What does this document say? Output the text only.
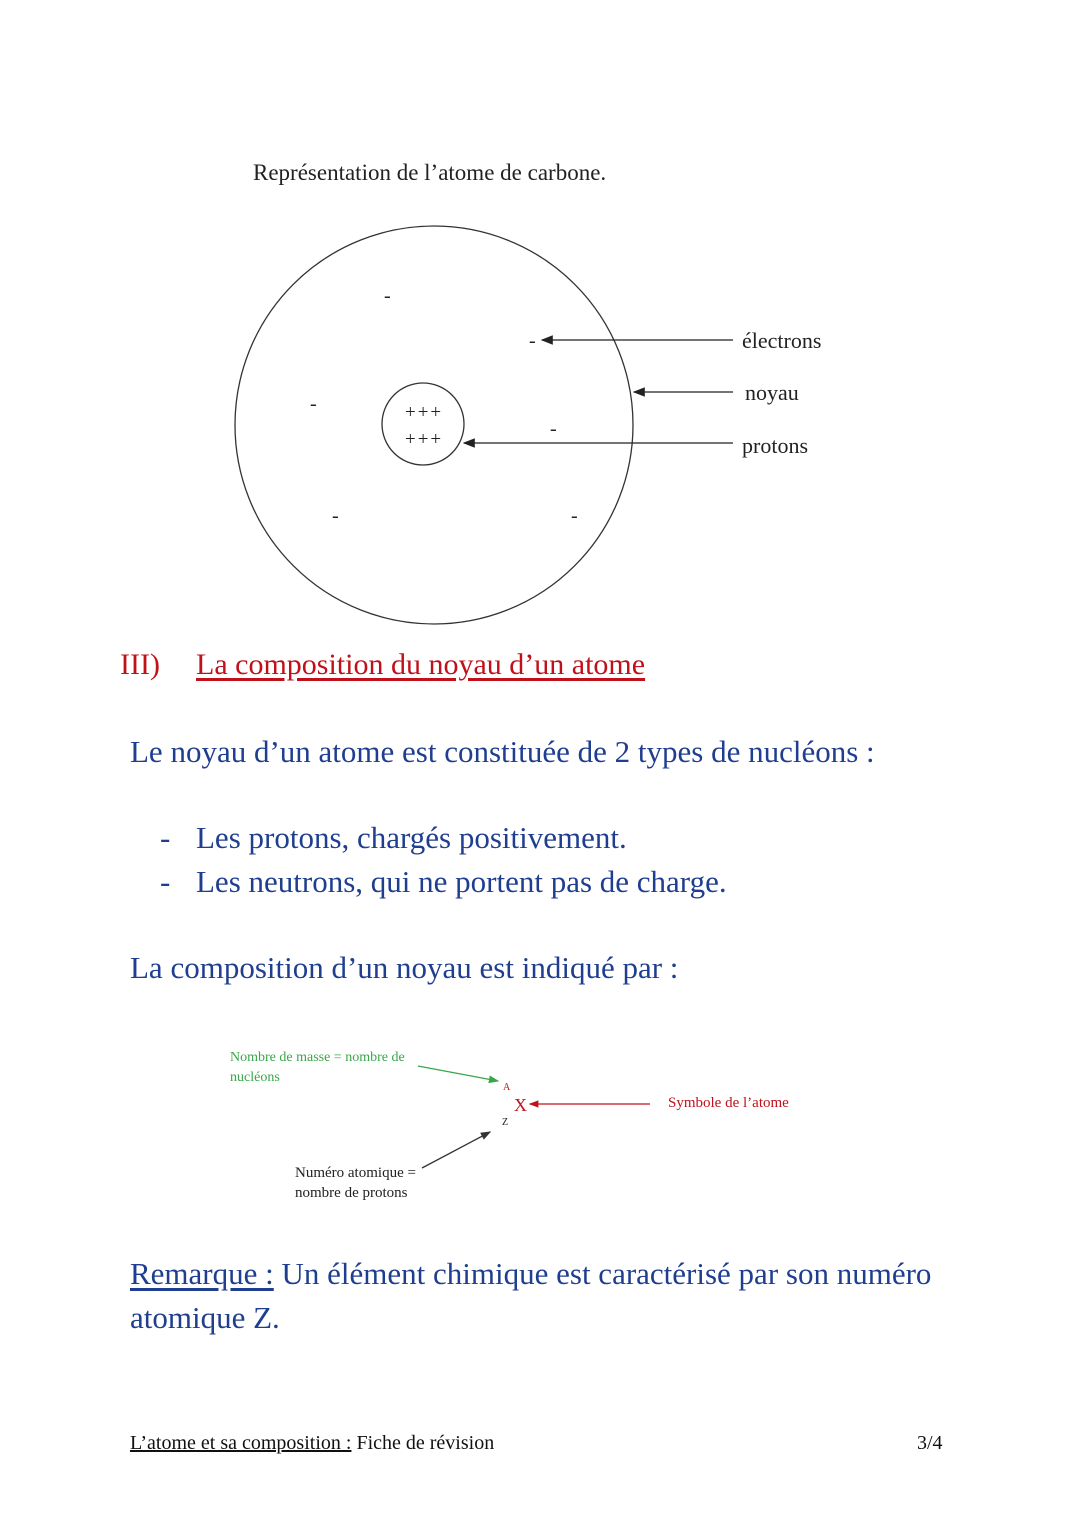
Représentation de l’atome de carbone.
+++
+++
-
-
-
-
-	-
électrons
noyau
protons
III) La composition du noyau d’un atome
Le noyau d’un atome est constituée de 2 types de nucléons :
- Les protons, chargés positivement.
- Les neutrons, qui ne portent pas de charge.
La composition d’un noyau est indiqué par :
Nombre de masse = nombre de nucléons
Numéro atomique = nombre de protons
Symbole de l’atome
A
Z
X
Remarque : Un élément chimique est caractérisé par son numéro atomique Z.
L’atome et sa composition : Fiche de révision	3/4
